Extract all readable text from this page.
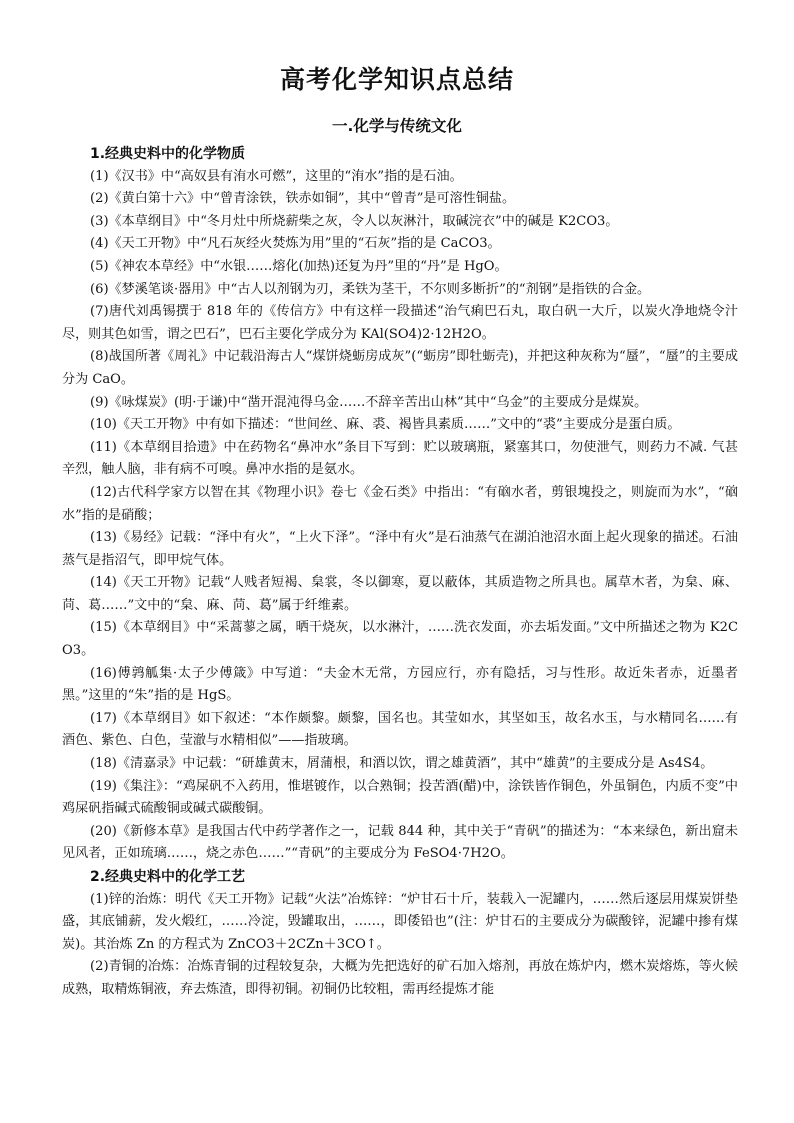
高考化学知识点总结
一.化学与传统文化
1.经典史料中的化学物质
(1)《汉书》中“高奴县有洧水可燃”，这里的“洧水”指的是石油。
(2)《黄白第十六》中“曾青涂铁，铁赤如铜”，其中“曾青”是可溶性铜盐。
(3)《本草纲目》中“冬月灶中所烧薪柴之灰，令人以灰淋汁，取碱浣衣”中的碱是 K2CO3。
(4)《天工开物》中“凡石灰经火焚炼为用”里的“石灰”指的是 CaCO3。
(5)《神农本草经》中“水银……熔化(加热)还复为丹”里的“丹”是 HgO。
(6)《梦溪笔谈·器用》中“古人以剂钢为刃，柔铁为茎干，不尔则多断折”的“剂钢”是指铁的合金。
(7)唐代刘禹锡撰于 818 年的《传信方》中有这样一段描述“治气痢巴石丸，取白矾一大斤，以炭火净地烧令汁尽，则其色如雪，谓之巴石”，巴石主要化学成分为 KAl(SO4)2·12H2O。
(8)战国所著《周礼》中记载沿海古人“煤饼烧蛎房成灰”(“蛎房”即牡蛎壳)，并把这种灰称为“蜃”，“蜃”的主要成分为 CaO。
(9)《咏煤炭》(明·于谦)中“凿开混沌得乌金……不辞辛苦出山林”其中“乌金”的主要成分是煤炭。
(10)《天工开物》中有如下描述：“世间丝、麻、裘、褐皆具素质……”文中的“裘”主要成分是蛋白质。
(11)《本草纲目拾遗》中在药物名“鼻冲水”条目下写到：贮以玻璃瓶，紧塞其口，勿使泄气，则药力不减. 气甚辛烈，触人脑，非有病不可嗅。鼻冲水指的是氨水。
(12)古代科学家方以智在其《物理小识》卷七《金石类》中指出：“有硇水者，剪银塊投之，则旋而为水”，“硇水”指的是硝酸；
(13)《易经》记载：“泽中有火”，“上火下泽”。“泽中有火”是石油蒸气在湖泊池沼水面上起火现象的描述。石油蒸气是指沼气，即甲烷气体。
(14)《天工开物》记载“人贱者短褐、枲裳，冬以御寒，夏以蔽体，其质造物之所具也。属草木者，为枲、麻、苘、葛……”文中的“枲、麻、苘、葛”属于纤维素。
(15)《本草纲目》中“采蒿蓼之属，晒干烧灰，以水淋汁，……洗衣发面，亦去垢发面。”文中所描述之物为 K2CO3。
(16)傅鹑觚集·太子少傅箴》中写道：“夫金木无常，方园应行，亦有隐括，习与性形。故近朱者赤，近墨者黑。”这里的“朱”指的是 HgS。
(17)《本草纲目》如下叙述：“本作颇黎。颇黎，国名也。其莹如水，其坚如玉，故名水玉，与水精同名……有酒色、紫色、白色，莹澈与水精相似”——指玻璃。
(18)《清嘉录》中记载：“研雄黄末，屑蒲根，和酒以饮，谓之雄黄酒”，其中“雄黄”的主要成分是 As4S4。
(19)《集注》：“鸡屎矾不入药用，惟堪镀作，以合熟铜；投苦酒(醋)中，涂铁皆作铜色，外虽铜色，内质不变”中鸡屎矾指碱式硫酸铜或碱式碳酸铜。
(20)《新修本草》是我国古代中药学著作之一，记载 844 种，其中关于“青矾”的描述为：“本来绿色，新出窟未见风者，正如琉璃……，烧之赤色……”“青矾”的主要成分为 FeSO4·7H2O。
2.经典史料中的化学工艺
(1)锌的治炼：明代《天工开物》记载“火法”冶炼锌：“炉甘石十斤，装载入一泥罐内，……然后逐层用煤炭饼垫盛，其底铺薪，发火煅红，……冷淀，毁罐取出，……，即倭铅也”(注：炉甘石的主要成分为碳酸锌，泥罐中掺有煤炭)。其治炼 Zn 的方程式为 ZnCO3＋2CZn＋3CO↑。
(2)青铜的冶炼：冶炼青铜的过程较复杂，大概为先把选好的矿石加入熔剂，再放在炼炉内，燃木炭熔炼，等火候成熟，取精炼铜液，弃去炼渣，即得初铜。初铜仍比较粗，需再经提炼才能
